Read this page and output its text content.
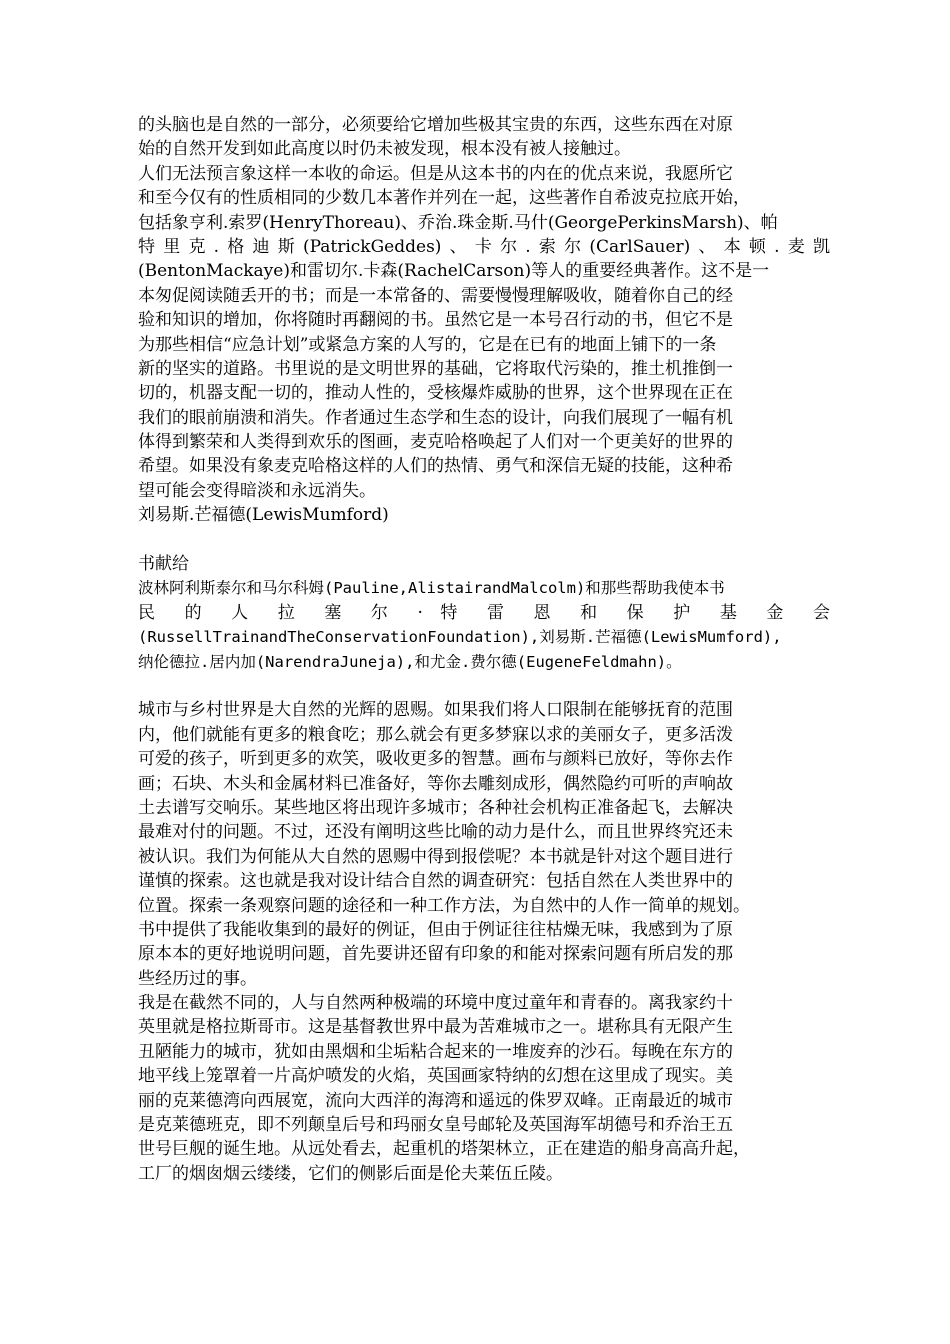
的头脑也是自然的一部分，必须要给它增加些极其宝贵的东西，这些东西在对原
始的自然开发到如此高度以时仍未被发现，根本没有被人接触过。
人们无法预言象这样一本收的命运。但是从这本书的内在的优点来说，我愿所它
和至今仅有的性质相同的少数几本著作并列在一起，这些著作自希波克拉底开始，
包括象亨利.索罗(HenryThoreau)、乔治.珠金斯.马什(GeorgePerkinsMarsh)、帕
特里克.格迪斯(PatrickGeddes)、卡尔.索尔(CarlSauer)、本顿.麦凯
(BentonMackaye)和雷切尔.卡森(RachelCarson)等人的重要经典著作。这不是一
本匆促阅读随丢开的书；而是一本常备的、需要慢慢理解吸收，随着你自己的经
验和知识的增加，你将随时再翻阅的书。虽然它是一本号召行动的书，但它不是
为那些相信“应急计划”或紧急方案的人写的，它是在已有的地面上铺下的一条
新的坚实的道路。书里说的是文明世界的基础，它将取代污染的，推土机推倒一
切的，机器支配一切的，推动人性的，受核爆炸威胁的世界，这个世界现在正在
我们的眼前崩溃和消失。作者通过生态学和生态的设计，向我们展现了一幅有机
体得到繁荣和人类得到欢乐的图画，麦克哈格唤起了人们对一个更美好的世界的
希望。如果没有象麦克哈格这样的人们的热情、勇气和深信无疑的技能，这种希
望可能会变得暗淡和永远消失。
刘易斯.芒福德(LewisMumford)
书献给
波林阿利斯泰尔和马尔科姆(Pauline,AlistairandMalcolm)和那些帮助我使本书
民 的 人 拉 塞 尔 · 特 雷 恩 和 保 护 基 金 会
(RussellTrainandTheConservationFoundation),刘易斯.芒福德(LewisMumford),
纳伦德拉.居内加(NarendraJuneja),和尤金.费尔德(EugeneFeldmahn)。
城市与乡村世界是大自然的光辉的恩赐。如果我们将人口限制在能够抚育的范围
内，他们就能有更多的粮食吃；那么就会有更多梦寐以求的美丽女子，更多活泼
可爱的孩子，听到更多的欢笑，吸收更多的智慧。画布与颜料已放好，等你去作
画；石块、木头和金属材料已准备好，等你去雕刻成形，偶然隐约可听的声响故
土去谱写交响乐。某些地区将出现许多城市；各种社会机构正准备起飞，去解决
最难对付的问题。不过，还没有阐明这些比喻的动力是什么，而且世界终究还未
被认识。我们为何能从大自然的恩赐中得到报偿呢？本书就是针对这个题目进行
谨慎的探索。这也就是我对设计结合自然的调查研究：包括自然在人类世界中的
位置。探索一条观察问题的途径和一种工作方法，为自然中的人作一简单的规划。
书中提供了我能收集到的最好的例证，但由于例证往往枯燥无味，我感到为了原
原本本的更好地说明问题，首先要讲还留有印象的和能对探索问题有所启发的那
些经历过的事。
我是在截然不同的，人与自然两种极端的环境中度过童年和青春的。离我家约十
英里就是格拉斯哥市。这是基督教世界中最为苦难城市之一。堪称具有无限产生
丑陋能力的城市，犹如由黑烟和尘垢粘合起来的一堆废弃的沙石。每晚在东方的
地平线上笼罩着一片高炉喷发的火焰，英国画家特纳的幻想在这里成了现实。美
丽的克莱德湾向西展宽，流向大西洋的海湾和遥远的侏罗双峰。正南最近的城市
是克莱德班克，即不列颠皇后号和玛丽女皇号邮轮及英国海军胡德号和乔治王五
世号巨舰的诞生地。从远处看去，起重机的塔架林立，正在建造的船身高高升起，
工厂的烟囱烟云缕缕，它们的侧影后面是伦夫莱伍丘陵。
